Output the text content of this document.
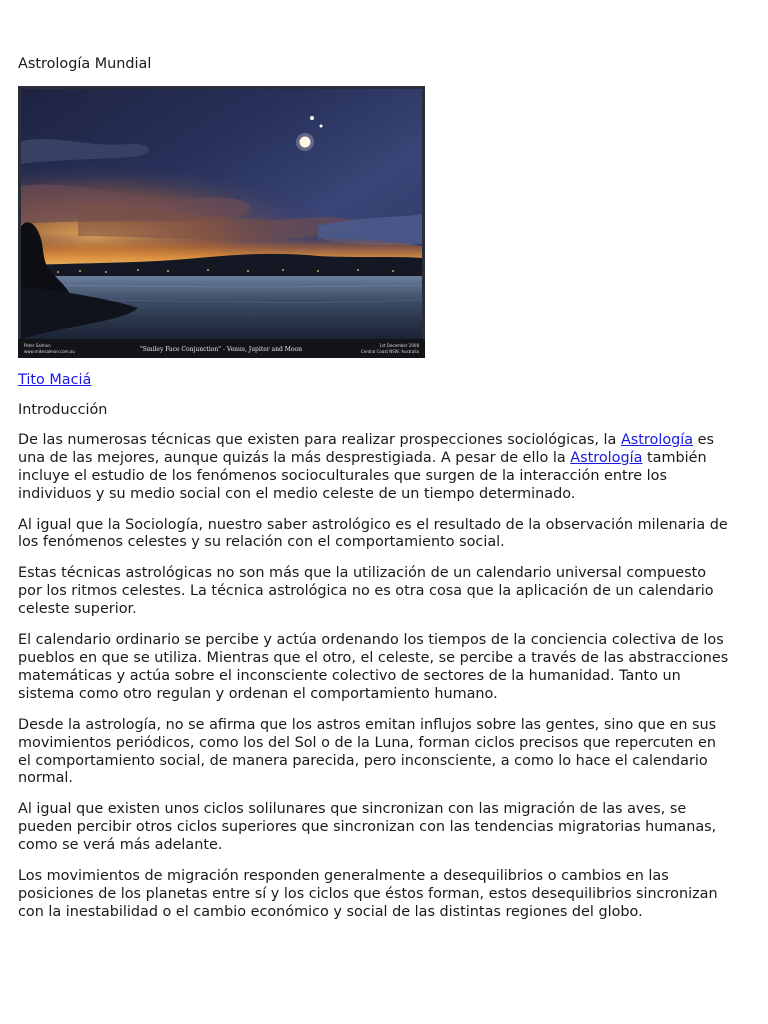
Astrología Mundial
Peter Salmon
www.mikesalmon.com.au	"Smiley Face Conjunction" - Venus, Jupiter and Moon
1st December 2008
Central Coast NSW, Australia
Tito Maciá

Introducción

De las numerosas técnicas que existen para realizar prospecciones sociológicas, la Astrología es una de las mejores, aunque quizás la más desprestigiada. A pesar de ello la Astrología también incluye el estudio de los fenómenos socioculturales que surgen de la interacción entre los individuos y su medio social con el medio celeste de un tiempo determinado.

Al igual que la Sociología, nuestro saber astrológico es el resultado de la observación milenaria de los fenómenos celestes y su relación con el comportamiento social.

Estas técnicas astrológicas no son más que la utilización de un calendario universal compuesto por los ritmos celestes. La técnica astrológica no es otra cosa que la aplicación de un calendario celeste superior.

El calendario ordinario se percibe y actúa ordenando los tiempos de la conciencia colectiva de los pueblos en que se utiliza. Mientras que el otro, el celeste, se percibe a través de las abstracciones matemáticas y actúa sobre el inconsciente colectivo de sectores de la humanidad. Tanto un sistema como otro regulan y ordenan el comportamiento humano.

Desde la astrología, no se afirma que los astros emitan influjos sobre las gentes, sino que en sus movimientos periódicos, como los del Sol o de la Luna, forman ciclos precisos que repercuten en el comportamiento social, de manera parecida, pero inconsciente, a como lo hace el calendario normal.

Al igual que existen unos ciclos solilunares que sincronizan con las migración de las aves, se pueden percibir otros ciclos superiores que sincronizan con las tendencias migratorias humanas, como se verá más adelante.

Los movimientos de migración responden generalmente a desequilibrios o cambios en las posiciones de los planetas entre sí y los ciclos que éstos forman, estos desequilibrios sincronizan con la inestabilidad o el cambio económico y social de las distintas regiones del globo.
